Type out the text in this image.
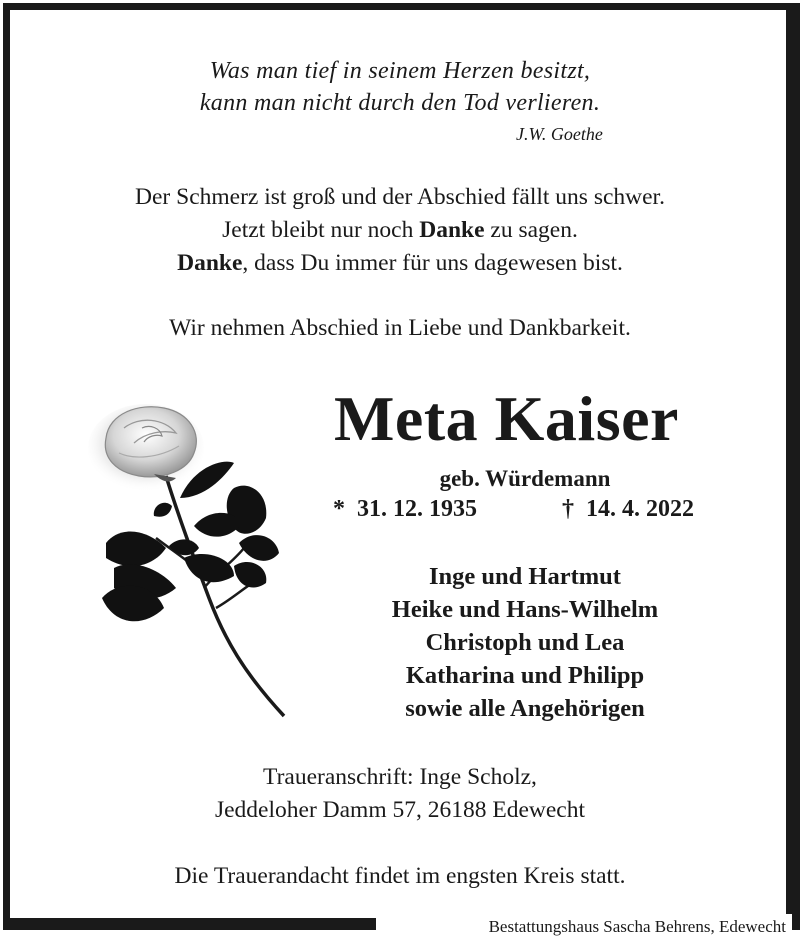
Was man tief in seinem Herzen besitzt,
kann man nicht durch den Tod verlieren.
J.W. Goethe
Der Schmerz ist groß und der Abschied fällt uns schwer.
Jetzt bleibt nur noch Danke zu sagen.
Danke, dass Du immer für uns dagewesen bist.
Wir nehmen Abschied in Liebe und Dankbarkeit.
Meta Kaiser
geb. Würdemann
* 31. 12. 1935	† 14. 4. 2022
Inge und Hartmut
Heike und Hans-Wilhelm
Christoph und Lea
Katharina und Philipp
sowie alle Angehörigen
Traueranschrift: Inge Scholz,
Jeddeloher Damm 57, 26188 Edewecht
Die Trauerandacht findet im engsten Kreis statt.
Bestattungshaus Sascha Behrens, Edewecht
